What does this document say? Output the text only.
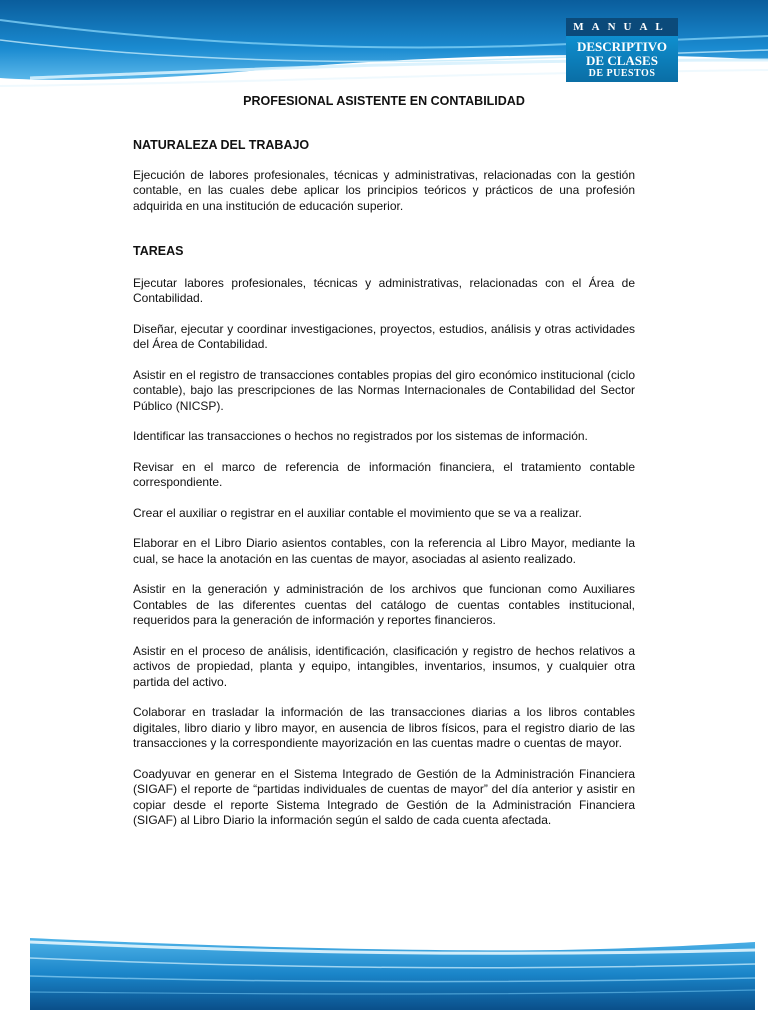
MANUAL
DESCRIPTIVO
DE CLASES
DE PUESTOS

PROFESIONAL ASISTENTE EN CONTABILIDAD

NATURALEZA DEL TRABAJO

Ejecución de labores profesionales, técnicas y administrativas, relacionadas con la gestión contable, en las cuales debe aplicar los principios teóricos y prácticos de una profesión adquirida en una institución de educación superior.

TAREAS

Ejecutar labores profesionales, técnicas y administrativas, relacionadas con el Área de Contabilidad.

Diseñar, ejecutar y coordinar investigaciones, proyectos, estudios, análisis y otras actividades del Área de Contabilidad.

Asistir en el registro de transacciones contables propias del giro económico institucional (ciclo contable), bajo las prescripciones de las Normas Internacionales de Contabilidad del Sector Público (NICSP).

Identificar las transacciones o hechos no registrados por los sistemas de información.

Revisar en el marco de referencia de información financiera, el tratamiento contable correspondiente.

Crear el auxiliar o registrar en el auxiliar contable el movimiento que se va a realizar.

Elaborar en el Libro Diario asientos contables, con la referencia al Libro Mayor, mediante la cual, se hace la anotación en las cuentas de mayor, asociadas al asiento realizado.

Asistir en la generación y administración de los archivos que funcionan como Auxiliares Contables de las diferentes cuentas del catálogo de cuentas contables institucional, requeridos para la generación de información y reportes financieros.

Asistir en el proceso de análisis, identificación, clasificación y registro de hechos relativos a activos de propiedad, planta y equipo, intangibles, inventarios, insumos, y cualquier otra partida del activo.

Colaborar en trasladar la información de las transacciones diarias a los libros contables digitales, libro diario y libro mayor, en ausencia de libros físicos, para el registro diario de las transacciones y la correspondiente mayorización en las cuentas madre o cuentas de mayor.

Coadyuvar en generar en el Sistema Integrado de Gestión de la Administración Financiera (SIGAF) el reporte de “partidas individuales de cuentas de mayor” del día anterior y asistir en copiar desde el reporte Sistema Integrado de Gestión de la Administración Financiera (SIGAF) al Libro Diario la información según el saldo de cada cuenta afectada.
